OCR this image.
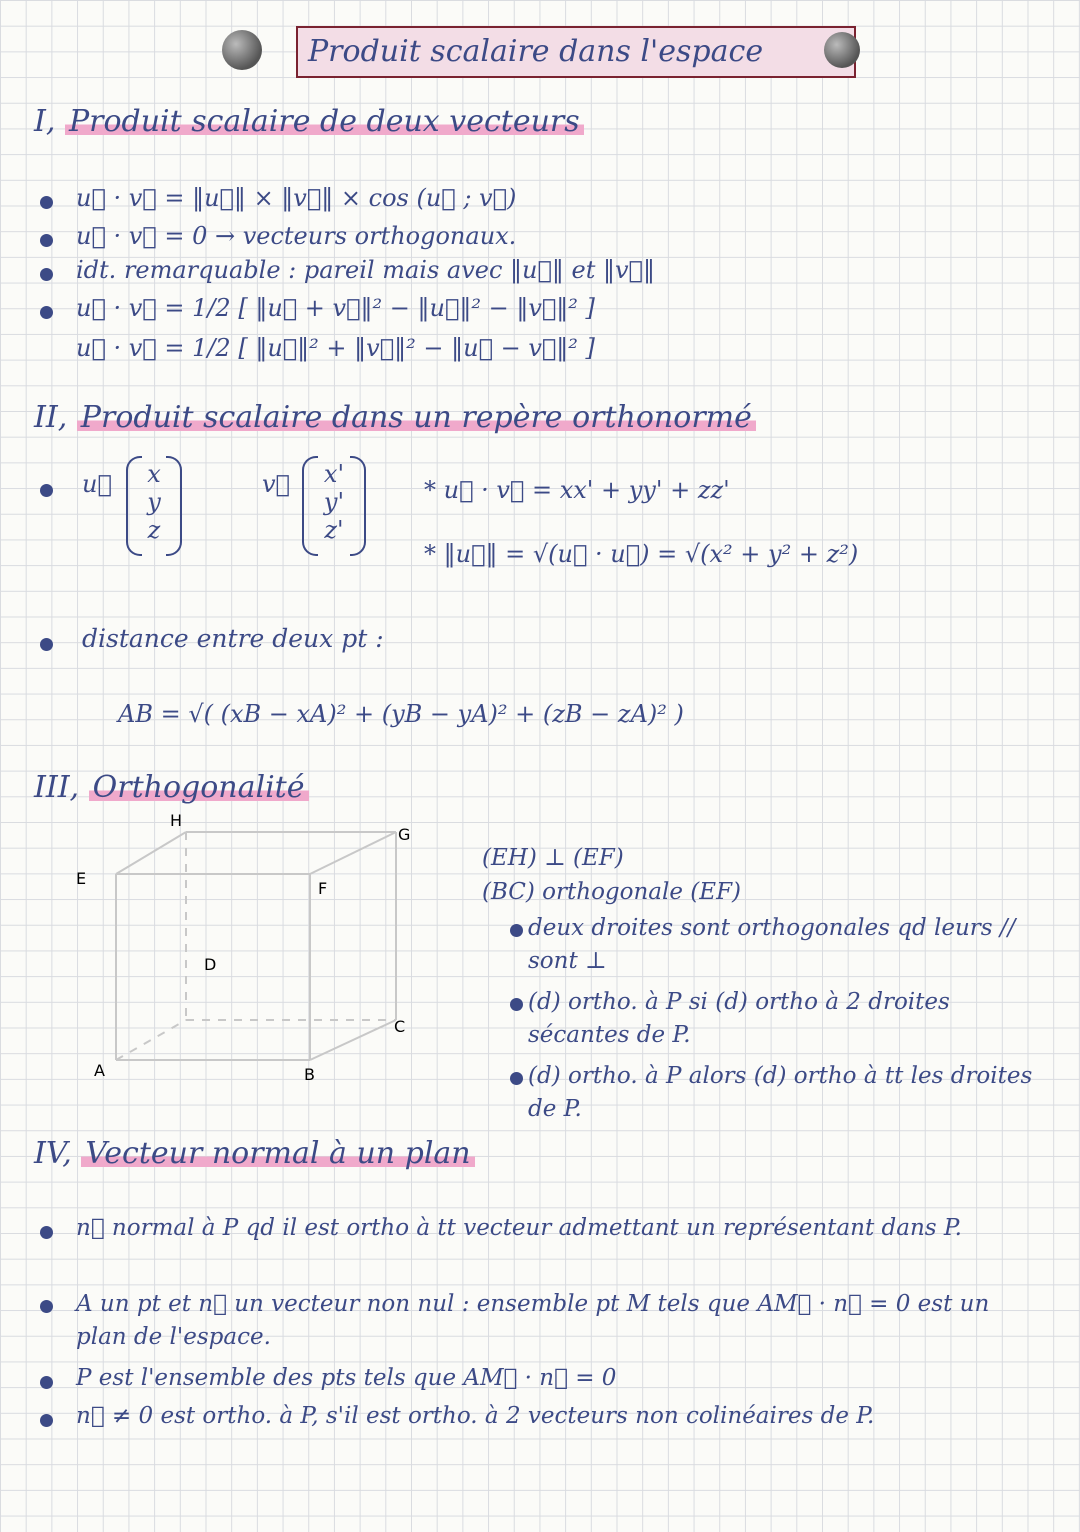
Produit scalaire dans l'espace
I, Produit scalaire de deux vecteurs
u⃗ · v⃗ = ‖u⃗‖ × ‖v⃗‖ × cos (u⃗ ; v⃗)
u⃗ · v⃗ = 0 → vecteurs orthogonaux.
idt. remarquable : pareil mais avec ‖u⃗‖ et ‖v⃗‖
u⃗ · v⃗ = 1/2 [ ‖u⃗ + v⃗‖² − ‖u⃗‖² − ‖v⃗‖² ]
u⃗ · v⃗ = 1/2 [ ‖u⃗‖² + ‖v⃗‖² − ‖u⃗ − v⃗‖² ]
II, Produit scalaire dans un repère orthonormé
u⃗	x
y
z
v⃗	x'
y'
z'
* u⃗ · v⃗ = xx' + yy' + zz'
* ‖u⃗‖ = √(u⃗ · u⃗) = √(x² + y² + z²)
distance entre deux pt :
AB = √( (xB − xA)² + (yB − yA)² + (zB − zA)² )
III, Orthogonalité
H
G
E
F
D
C
A	B
(EH) ⊥ (EF)
(BC) orthogonale (EF)
deux droites sont orthogonales qd leurs // sont ⊥
(d) ortho. à P si (d) ortho à 2 droites sécantes de P.
(d) ortho. à P alors (d) ortho à tt les droites de P.
IV, Vecteur normal à un plan
n⃗ normal à P qd il est ortho à tt vecteur admettant un représentant dans P.
A un pt et n⃗ un vecteur non nul : ensemble pt M tels que AM⃗ · n⃗ = 0 est un plan de l'espace.
P est l'ensemble des pts tels que AM⃗ · n⃗ = 0
n⃗ ≠ 0 est ortho. à P, s'il est ortho. à 2 vecteurs non colinéaires de P.
